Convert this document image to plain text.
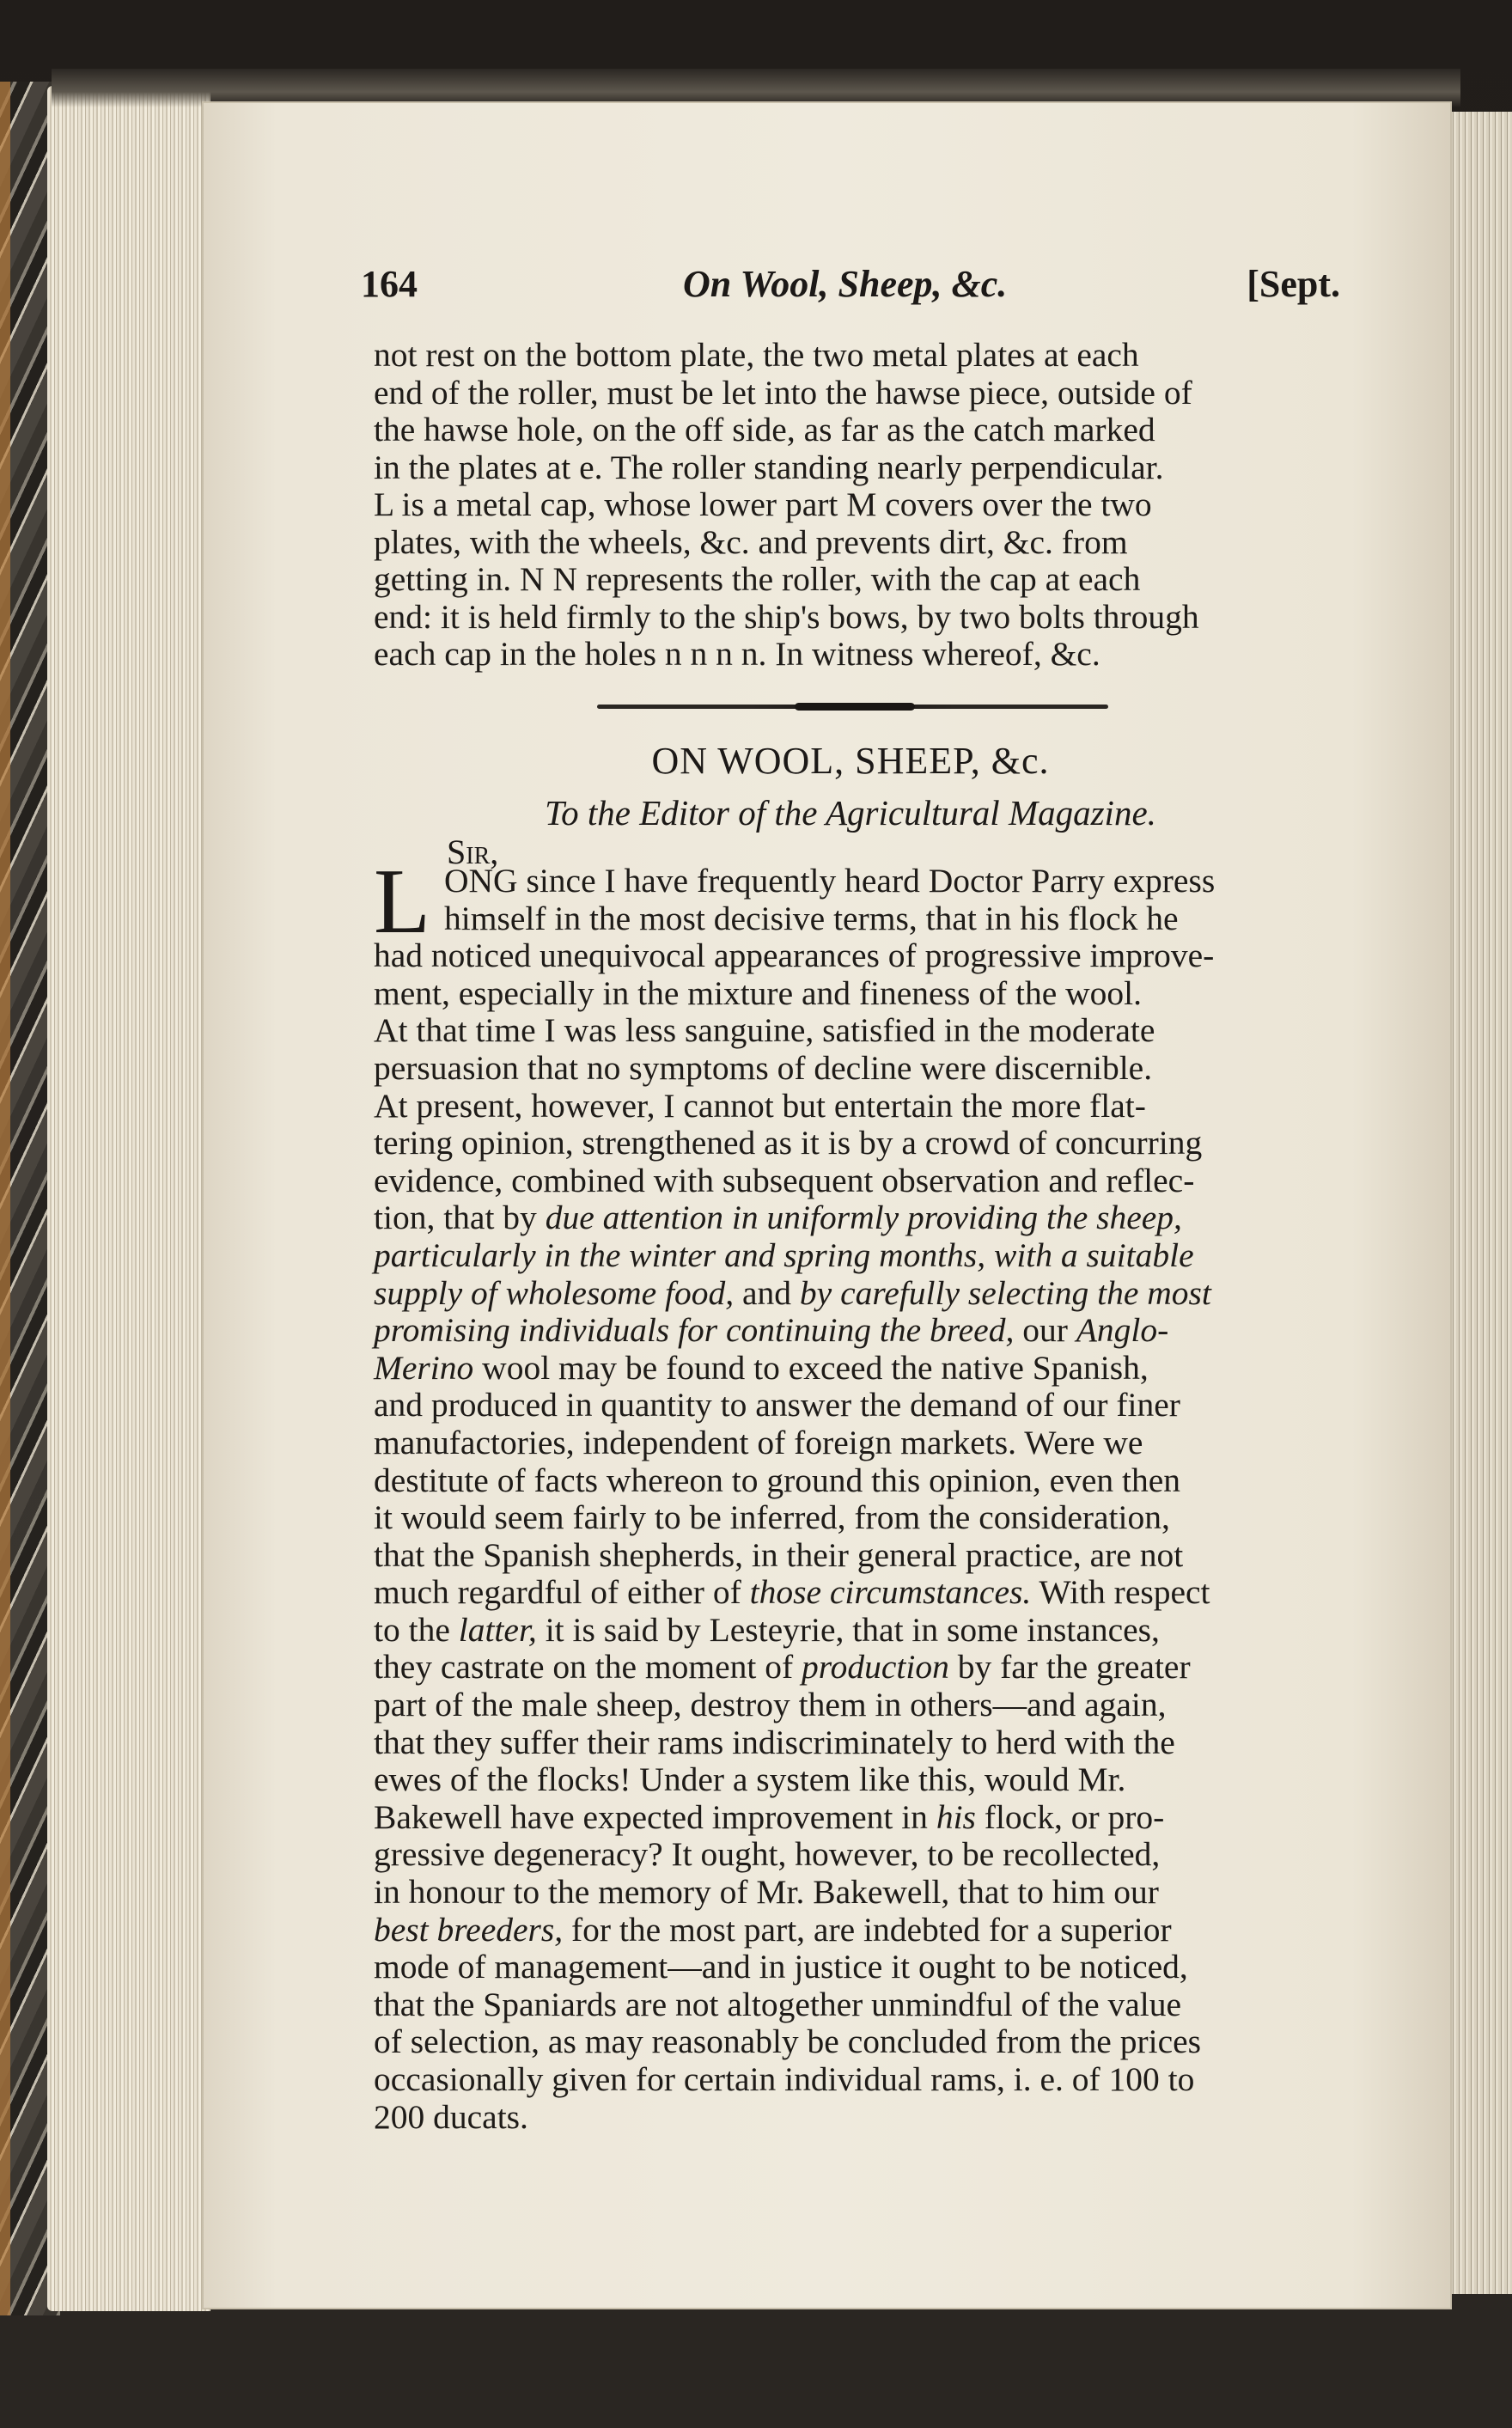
164	On Wool, Sheep, &c.	[Sept.
not rest on the bottom plate, the two metal plates at each
end of the roller, must be let into the hawse piece, outside of
the hawse hole, on the off side, as far as the catch marked
in the plates at e. The roller standing nearly perpendicular.
L is a metal cap, whose lower part M covers over the two
plates, with the wheels, &c. and prevents dirt, &c. from
getting in. N N represents the roller, with the cap at each
end: it is held firmly to the ship's bows, by two bolts through
each cap in the holes n n n n. In witness whereof, &c.
ON WOOL, SHEEP, &c.
To the Editor of the Agricultural Magazine.
Sir,
L ONG since I have frequently heard Doctor Parry express
himself in the most decisive terms, that in his flock he
had noticed unequivocal appearances of progressive improve-
ment, especially in the mixture and fineness of the wool.
At that time I was less sanguine, satisfied in the moderate
persuasion that no symptoms of decline were discernible.
At present, however, I cannot but entertain the more flat-
tering opinion, strengthened as it is by a crowd of concurring
evidence, combined with subsequent observation and reflec-
tion, that by due attention in uniformly providing the sheep,
particularly in the winter and spring months, with a suitable
supply of wholesome food, and by carefully selecting the most
promising individuals for continuing the breed, our Anglo-
Merino wool may be found to exceed the native Spanish,
and produced in quantity to answer the demand of our finer
manufactories, independent of foreign markets. Were we
destitute of facts whereon to ground this opinion, even then
it would seem fairly to be inferred, from the consideration,
that the Spanish shepherds, in their general practice, are not
much regardful of either of those circumstances. With respect
to the latter, it is said by Lesteyrie, that in some instances,
they castrate on the moment of production by far the greater
part of the male sheep, destroy them in others—and again,
that they suffer their rams indiscriminately to herd with the
ewes of the flocks! Under a system like this, would Mr.
Bakewell have expected improvement in his flock, or pro-
gressive degeneracy? It ought, however, to be recollected,
in honour to the memory of Mr. Bakewell, that to him our
best breeders, for the most part, are indebted for a superior
mode of management—and in justice it ought to be noticed,
that the Spaniards are not altogether unmindful of the value
of selection, as may reasonably be concluded from the prices
occasionally given for certain individual rams, i. e. of 100 to
200 ducats.
